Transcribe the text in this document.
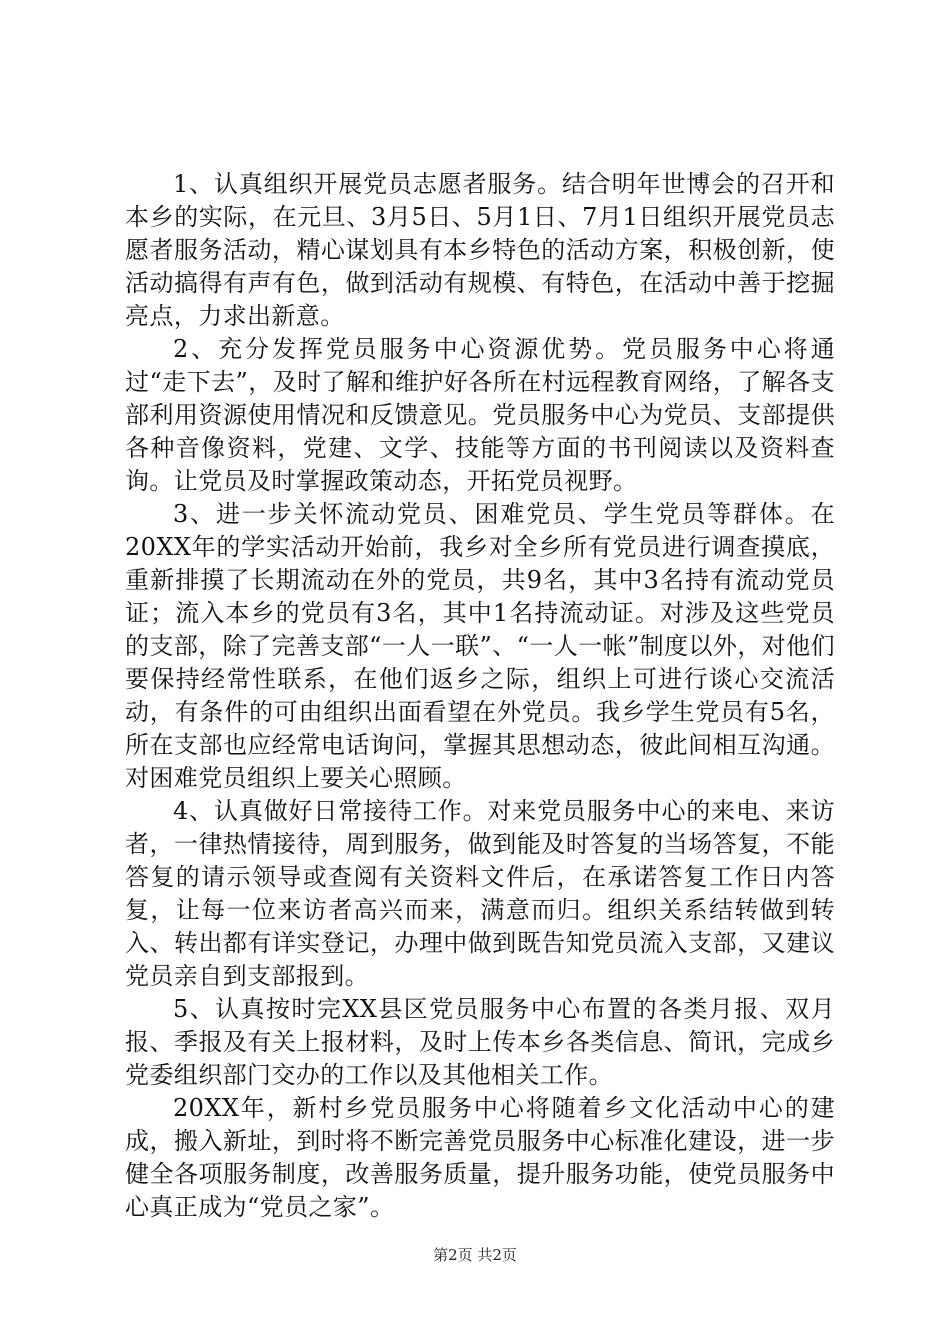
1、认真组织开展党员志愿者服务。结合明年世博会的召开和本乡的实际，在元旦、3月5日、5月1日、7月1日组织开展党员志愿者服务活动，精心谋划具有本乡特色的活动方案，积极创新，使活动搞得有声有色，做到活动有规模、有特色，在活动中善于挖掘亮点，力求出新意。

2、充分发挥党员服务中心资源优势。党员服务中心将通过“走下去”，及时了解和维护好各所在村远程教育网络，了解各支部利用资源使用情况和反馈意见。党员服务中心为党员、支部提供各种音像资料，党建、文学、技能等方面的书刊阅读以及资料查询。让党员及时掌握政策动态，开拓党员视野。

3、进一步关怀流动党员、困难党员、学生党员等群体。在20XX年的学实活动开始前，我乡对全乡所有党员进行调查摸底，重新排摸了长期流动在外的党员，共9名，其中3名持有流动党员证；流入本乡的党员有3名，其中1名持流动证。对涉及这些党员的支部，除了完善支部“一人一联”、“一人一帐”制度以外，对他们要保持经常性联系，在他们返乡之际，组织上可进行谈心交流活动，有条件的可由组织出面看望在外党员。我乡学生党员有5名，所在支部也应经常电话询问，掌握其思想动态，彼此间相互沟通。对困难党员组织上要关心照顾。

4、认真做好日常接待工作。对来党员服务中心的来电、来访者，一律热情接待，周到服务，做到能及时答复的当场答复，不能答复的请示领导或查阅有关资料文件后，在承诺答复工作日内答复，让每一位来访者高兴而来，满意而归。组织关系结转做到转入、转出都有详实登记，办理中做到既告知党员流入支部，又建议党员亲自到支部报到。

5、认真按时完XX县区党员服务中心布置的各类月报、双月报、季报及有关上报材料，及时上传本乡各类信息、简讯，完成乡党委组织部门交办的工作以及其他相关工作。

20XX年，新村乡党员服务中心将随着乡文化活动中心的建成，搬入新址，到时将不断完善党员服务中心标准化建设，进一步健全各项服务制度，改善服务质量，提升服务功能，使党员服务中心真正成为“党员之家”。

第2页 共2页
